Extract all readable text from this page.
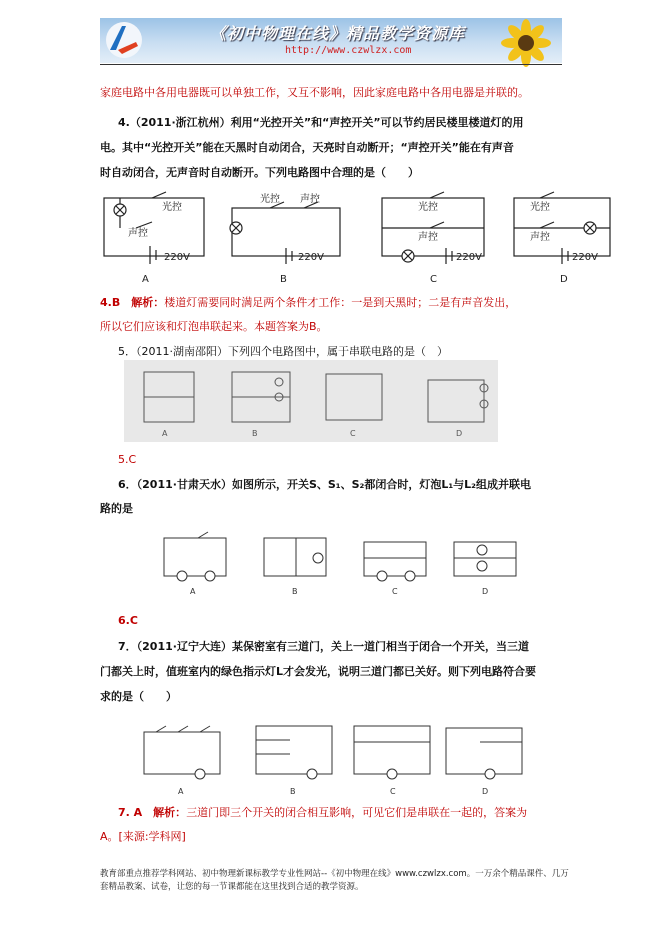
《初中物理在线》精品教学资源库
http://www.czwlzx.com
家庭电路中各用电器既可以单独工作，又互不影响，因此家庭电路中各用电器是并联的。
4.（2011·浙江杭州）利用“光控开关”和“声控开关”可以节约居民楼里楼道灯的用
电。其中“光控开关”能在天黑时自动闭合，天亮时自动断开；“声控开关”能在有声音
时自动闭合，无声音时自动断开。下列电路图中合理的是（　　）
光控
声控
220V
光控 声控
220V
光控
声控
220V
光控
声控
220V
A	B	C	D
4.B　解析：楼道灯需要同时满足两个条件才工作：一是到天黑时；二是有声音发出，
所以它们应该和灯泡串联起来。本题答案为B。
5．（2011·湖南邵阳）下列四个电路图中，属于串联电路的是（　）
A	B	C	D
5.C
6．（2011·甘肃天水）如图所示，开关S、S₁、S₂都闭合时，灯泡L₁与L₂组成并联电
路的是
A	B	C	D
6.C
7．（2011·辽宁大连）某保密室有三道门，关上一道门相当于闭合一个开关，当三道
门都关上时，值班室内的绿色指示灯L才会发光，说明三道门都已关好。则下列电路符合要
求的是（　　）
A	B	C	D
7. A　解析：三道门即三个开关的闭合相互影响，可见它们是串联在一起的，答案为
A。[来源:学科网]
教育部重点推荐学科网站、初中物理新课标教学专业性网站--《初中物理在线》www.czwlzx.com。一万余个精品课件、几万套精品教案、试卷，让您的每一节课都能在这里找到合适的教学资源。
